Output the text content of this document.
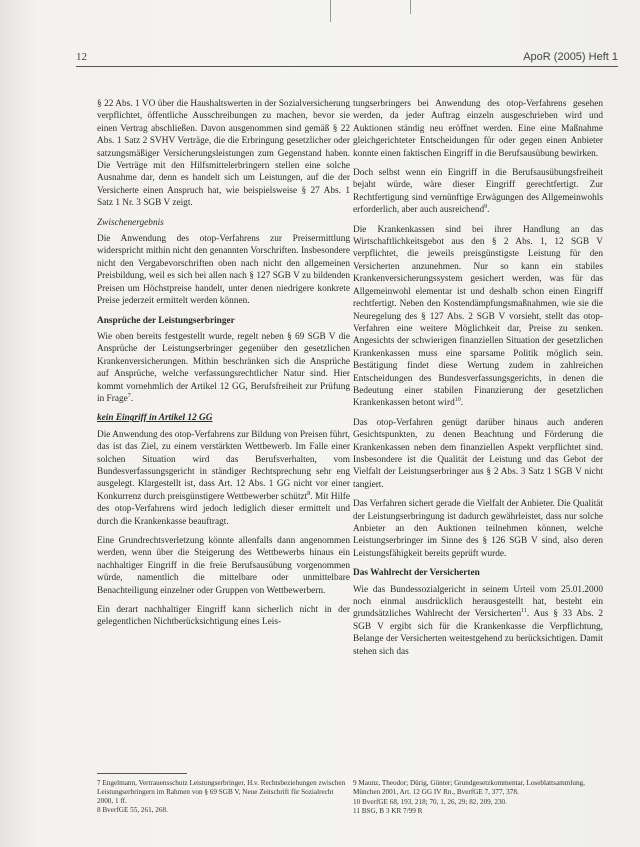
12	ApoR (2005) Heft 1

§ 22 Abs. 1 VO über die Haushaltswerten in der Sozialversicherung verpflichtet, öffentliche Ausschreibungen zu machen, bevor sie einen Vertrag abschließen. Davon ausgenommen sind gemäß § 22 Abs. 1 Satz 2 SVHV Verträge, die die Erbringung gesetzlicher oder satzungsmäßiger Versicherungsleistungen zum Gegenstand haben. Die Verträge mit den Hilfsmittelerbringern stellen eine solche Ausnahme dar, denn es handelt sich um Leistungen, auf die der Versicherte einen Anspruch hat, wie beispielsweise § 27 Abs. 1 Satz 1 Nr. 3 SGB V zeigt.

Zwischenergebnis

Die Anwendung des otop-Verfahrens zur Preisermittlung widerspricht mithin nicht den genannten Vorschriften. Insbesondere nicht den Vergabevorschriften oben nach nicht den allgemeinen Preisbildung, weil es sich bei allen nach § 127 SGB V zu bildenden Preisen um Höchstpreise handelt, unter denen niedrigere konkrete Preise jederzeit ermittelt werden können.

Ansprüche der Leistungserbringer

Wie oben bereits festgestellt wurde, regelt neben § 69 SGB V die Ansprüche der Leistungserbringer gegenüber den gesetzlichen Krankenversicherungen. Mithin beschränken sich die Ansprüche auf Ansprüche, welche verfassungsrechtlicher Natur sind. Hier kommt vornehmlich der Artikel 12 GG, Berufsfreiheit zur Prüfung in Frage$^7$.

kein Eingriff in Artikel 12 GG

Die Anwendung des otop-Verfahrens zur Bildung von Preisen führt, das ist das Ziel, zu einem verstärkten Wettbewerb. Im Falle einer solchen Situation wird das Berufsverhalten, vom Bundesverfassungsgericht in ständiger Rechtsprechung sehr eng ausgelegt. Klargestellt ist, dass Art. 12 Abs. 1 GG nicht vor einer Konkurrenz durch preisgünstigere Wettbewerber schützt$^8$. Mit Hilfe des otop-Verfahrens wird jedoch lediglich dieser ermittelt und durch die Krankenkasse beauftragt.

Eine Grundrechtsverletzung könnte allenfalls dann angenommen werden, wenn über die Steigerung des Wettbewerbs hinaus ein nachhaltiger Eingriff in die freie Berufsausübung vorgenommen würde, namentlich die mittelbare oder unmittelbare Benachteiligung einzelner oder Gruppen von Wettbewerbern.

Ein derart nachhaltiger Eingriff kann sicherlich nicht in der gelegentlichen Nichtberücksichtigung eines Leis-

tungserbringers bei Anwendung des otop-Verfahrens gesehen werden, da jeder Auftrag einzeln ausgeschrieben wird und Auktionen ständig neu eröffnet werden. Eine eine Maßnahme gleichgerichteter Entscheidungen für oder gegen einen Anbieter konnte einen faktischen Eingriff in die Berufsausübung bewirken.

Doch selbst wenn ein Eingriff in die Berufsausübungsfreiheit bejaht würde, wäre dieser Eingriff gerechtfertigt. Zur Rechtfertigung sind vernünftige Erwägungen des Allgemeinwohls erforderlich, aber auch ausreichend$^9$.

Die Krankenkassen sind bei ihrer Handlung an das Wirtschaftlichkeitsgebot aus den § 2 Abs. 1, 12 SGB V verpflichtet, die jeweils preisgünstigste Leistung für den Versicherten anzunehmen. Nur so kann ein stabiles Krankenversicherungssystem gesichert werden, was für das Allgemeinwohl elementar ist und deshalb schon einen Eingriff rechtfertigt. Neben den Kostendämpfungsmaßnahmen, wie sie die Neuregelung des § 127 Abs. 2 SGB V vorsieht, stellt das otop-Verfahren eine weitere Möglichkeit dar, Preise zu senken. Angesichts der schwierigen finanziellen Situation der gesetzlichen Krankenkassen muss eine sparsame Politik möglich sein. Bestätigung findet diese Wertung zudem in zahlreichen Entscheidungen des Bundesverfassungsgerichts, in denen die Bedeutung einer stabilen Finanzierung der gesetzlichen Krankenkassen betont wird$^{10}$.

Das otop-Verfahren genügt darüber hinaus auch anderen Gesichtspunkten, zu denen Beachtung und Förderung die Krankenkassen neben dem finanziellen Aspekt verpflichtet sind. Insbesondere ist die Qualität der Leistung und das Gebot der Vielfalt der Leistungserbringer aus § 2 Abs. 3 Satz 1 SGB V nicht tangiert.

Das Verfahren sichert gerade die Vielfalt der Anbieter. Die Qualität der Leistungserbringung ist dadurch gewährleistet, dass nur solche Anbieter an den Auktionen teilnehmen können, welche Leistungserbringer im Sinne des § 126 SGB V sind, also deren Leistungsfähigkeit bereits geprüft wurde.

Das Wahlrecht der Versicherten

Wie das Bundessozialgericht in seinem Urteil vom 25.01.2000 noch einmal ausdrücklich herausgestellt hat, besteht ein grundsätzliches Wahlrecht der Versicherten$^{11}$. Aus § 33 Abs. 2 SGB V ergibt sich für die Krankenkasse die Verpflichtung, Belange der Versicherten weitestgehend zu berücksichtigen. Damit stehen sich das

7 Engelmann, Vertrauensschutz Leistungserbringer, H.v. Rechtsbeziehungen zwischen Leistungserbringern im Rahmen von § 69 SGB V, Neue Zeitschrift für Sozialrecht 2000, 1 ff.
8 BverfGE 55, 261, 268.
9 Maunz, Theodor; Dürig, Günter; Grundgesetzkommentar, Loseblattsammlung, München 2001, Art. 12 GG IV Rn., BverfGE 7, 377, 378.
10 BverfGE 68, 193, 218; 70, 1, 26, 29; 82, 209, 230.
11 BSG, B 3 KR 7/99 R
